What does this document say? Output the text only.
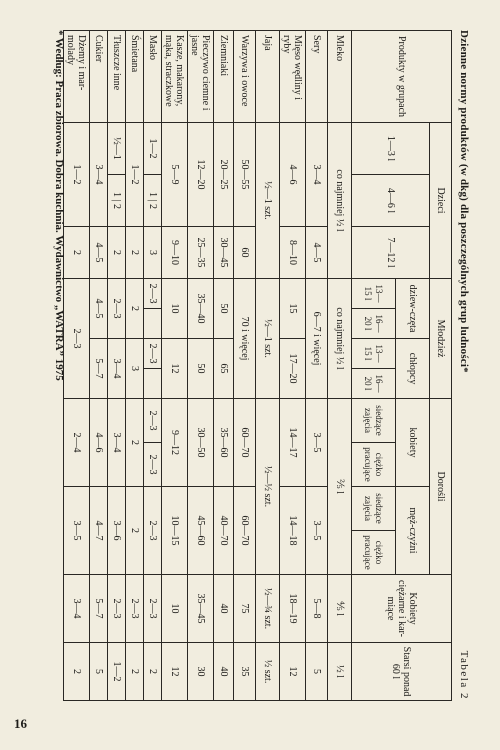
16
Dzienne normy produktów (w dkg) dla poszczególnych grup ludności*
Tabela 2
Produkty w grupach	Dzieci			Młodzież				Dorośli				Kobiety ciężarne i kar-miące	Starsi ponad 60 l
	1—3 l	4—6 l	7—12 l	dziew-częta		chłopcy		kobiety		męż-czyźni			
				13—15 l	16—20 l	13—15 l	16—20 l	siedzące zajęcia	ciężko pracujące	siedzące zajęcia	ciężko pracujące		
Mleko	co najmniej ½ l			co najmniej ½ l				⅖ l				⅘ l	½ l
Sery	3—4		4—5	6—7 i więcej				3—5		3—5		5—8	5
Mięso wędliny i ryby	4—6		8—10	15		17—20		14—17		14—18		18—19	12
Jaja	½—1 szt.			½—1 szt.				½—½ szt.				½—¾ szt.	½ szt.
Warzywa i owoce	50—55		60	70 i więcej				60—70		60—70		75	35
Ziemniaki	20—25		30—45	50		65		35—60		40—70		40	40
Pieczywo ciemne i jasne	12—20		25—35	35—40		50		30—50		45—60		35—45	30
Kasze, makarony, mąka, straczkowe	5—9		9—10	10		12		9—12		10—15		10	12
Masło	1—2	1 | 2	3	2—3		2—3		2—3	2—3	2—3		2—3	2
Śmietana	1—2		2	2		3		2		2		2—3	2
Tłuszcze inne	½—1	1 | 2	2	2—3		3—4		3—4		3—6		2—3	1—2
Cukier	3—4		4—5	4—5		5—7		4—6		4—7		5—7	5
Dżemy i mar-molady	1—2		2	2—3				2—4		3—5		3—4	2
* Według: Praca zbiorowa. Dobra kuchnia. Wydawnictwo „WATRA” 1975
